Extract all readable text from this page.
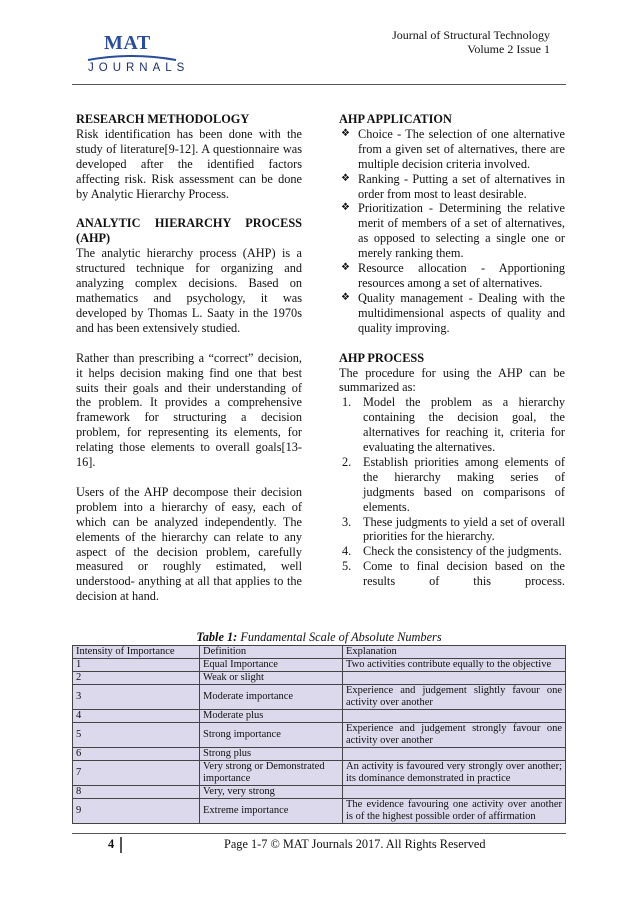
MAT
JOURNALS
Journal of Structural Technology
Volume 2 Issue 1
RESEARCH METHODOLOGY

Risk identification has been done with the study of literature[9-12]. A questionnaire was developed after the identified factors affecting risk. Risk assessment can be done by Analytic Hierarchy Process.

ANALYTIC HIERARCHY PROCESS (AHP)

The analytic hierarchy process (AHP) is a structured technique for organizing and analyzing complex decisions. Based on mathematics and psychology, it was developed by Thomas L. Saaty in the 1970s and has been extensively studied.

Rather than prescribing a “correct” decision, it helps decision making find one that best suits their goals and their understanding of the problem. It provides a comprehensive framework for structuring a decision problem, for representing its elements, for relating those elements to overall goals[13-16].

Users of the AHP decompose their decision problem into a hierarchy of easy, each of which can be analyzed independently. The elements of the hierarchy can relate to any aspect of the decision problem, carefully measured or roughly estimated, well understood- anything at all that applies to the decision at hand.

AHP APPLICATION
❖ Choice - The selection of one alternative from a given set of alternatives, there are multiple decision criteria involved.
❖ Ranking - Putting a set of alternatives in order from most to least desirable.
❖ Prioritization - Determining the relative merit of members of a set of alternatives, as opposed to selecting a single one or merely ranking them.
❖ Resource allocation - Apportioning resources among a set of alternatives.
❖ Quality management - Dealing with the multidimensional aspects of quality and quality improving.
AHP PROCESS

The procedure for using the AHP can be summarized as:

1. Model the problem as a hierarchy containing the decision goal, the alternatives for reaching it, criteria for evaluating the alternatives.
2. Establish priorities among elements of the hierarchy making series of judgments based on comparisons of elements.
3. These judgments to yield a set of overall priorities for the hierarchy.
4. Check the consistency of the judgments.
5. Come to final decision based on the results of this process.
Table 1: Fundamental Scale of Absolute Numbers
Intensity of Importance	Definition	Explanation
1	Equal Importance	Two activities contribute equally to the objective
2	Weak or slight	
3	Moderate importance	Experience and judgement slightly favour one activity over another
4	Moderate plus	
5	Strong importance	Experience and judgement strongly favour one activity over another
6	Strong plus	
7	Very strong or Demonstrated importance	An activity is favoured very strongly over another; its dominance demonstrated in practice
8	Very, very strong	
9	Extreme importance	The evidence favouring one activity over another is of the highest possible order of affirmation
4	Page 1-7 © MAT Journals 2017. All Rights Reserved
